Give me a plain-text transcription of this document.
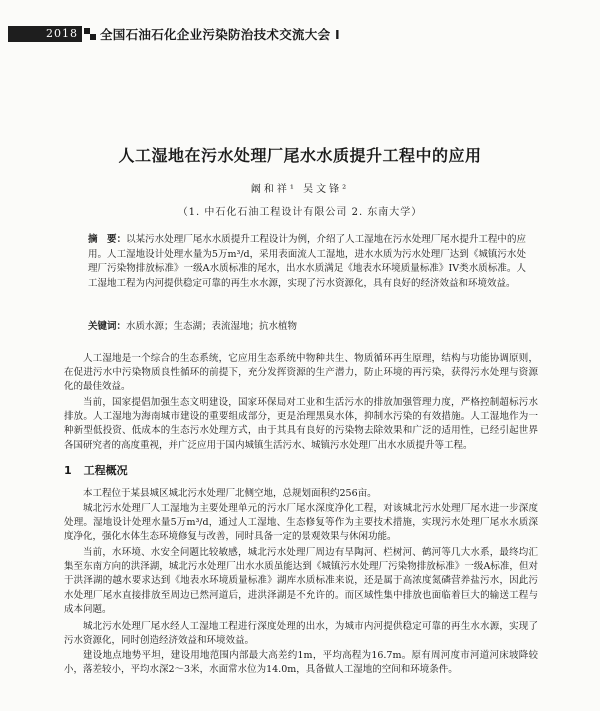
2018	全国石油石化企业污染防治技术交流大会 I
人工湿地在污水处理厂尾水水质提升工程中的应用
阚和祥¹ 吴文锋²
（1. 中石化石油工程设计有限公司 2. 东南大学）
摘　要：以某污水处理厂尾水水质提升工程设计为例，介绍了人工湿地在污水处理厂尾水提升工程中的应用。人工湿地设计处理水量为5万m³/d，采用表面流人工湿地，进水水质为污水处理厂达到《城镇污水处理厂污染物排放标准》一级A水质标准的尾水，出水水质满足《地表水环境质量标准》IV类水质标准。人工湿地工程为内河提供稳定可靠的再生水水源，实现了污水资源化，具有良好的经济效益和环境效益。
关键词：水质水源；生态湖；表流湿地；抗水植物
人工湿地是一个综合的生态系统，它应用生态系统中物种共生、物质循环再生原理，结构与功能协调原则，在促进污水中污染物质良性循环的前提下，充分发挥资源的生产潜力，防止环境的再污染，获得污水处理与资源化的最佳效益。
当前，国家提倡加强生态文明建设，国家环保局对工业和生活污水的排放加强管理力度，严格控制超标污水排放。人工湿地为海南城市建设的重要组成部分，更是治理黑臭水体，抑制水污染的有效措施。人工湿地作为一种新型低投资、低成本的生态污水处理方式，由于其具有良好的污染物去除效果和广泛的适用性，已经引起世界各国研究者的高度重视，并广泛应用于国内城镇生活污水、城镇污水处理厂出水水质提升等工程。
1 工程概况
本工程位于某县城区城北污水处理厂北侧空地，总规划面积约256亩。
城北污水处理厂人工湿地为主要处理单元的污水厂尾水深度净化工程，对该城北污水处理厂尾水进一步深度处理。湿地设计处理水量5万m³/d，通过人工湿地、生态修复等作为主要技术措施，实现污水处理厂尾水水质深度净化，强化水体生态环境修复与改善，同时具备一定的景观效果与休闲功能。
当前，水环境、水安全问题比较敏感，城北污水处理厂周边有旱陶河、栏树河、鹤河等几大水系，最终均汇集至东南方向的洪泽湖，城北污水处理厂出水水质虽能达到《城镇污水处理厂污染物排放标准》一级A标准，但对于洪泽湖的越水要求达到《地表水环境质量标准》湖库水质标准来说，还是属于高浓度氮磷营养盐污水，因此污水处理厂尾水直接排放至周边已然河道后，进洪泽湖是不允许的。而区域性集中排放也面临着巨大的输送工程与成本问题。
城北污水处理厂尾水经人工湿地工程进行深度处理的出水，为城市内河提供稳定可靠的再生水水源，实现了污水资源化，同时创造经济效益和环境效益。
建设地点地势平坦，建设用地范围内部最大高差约1m，平均高程为16.7m。原有周河度市河道河床坡降较小，落差较小，平均水深2～3米，水面常水位为14.0m，具备做人工湿地的空间和环境条件。
